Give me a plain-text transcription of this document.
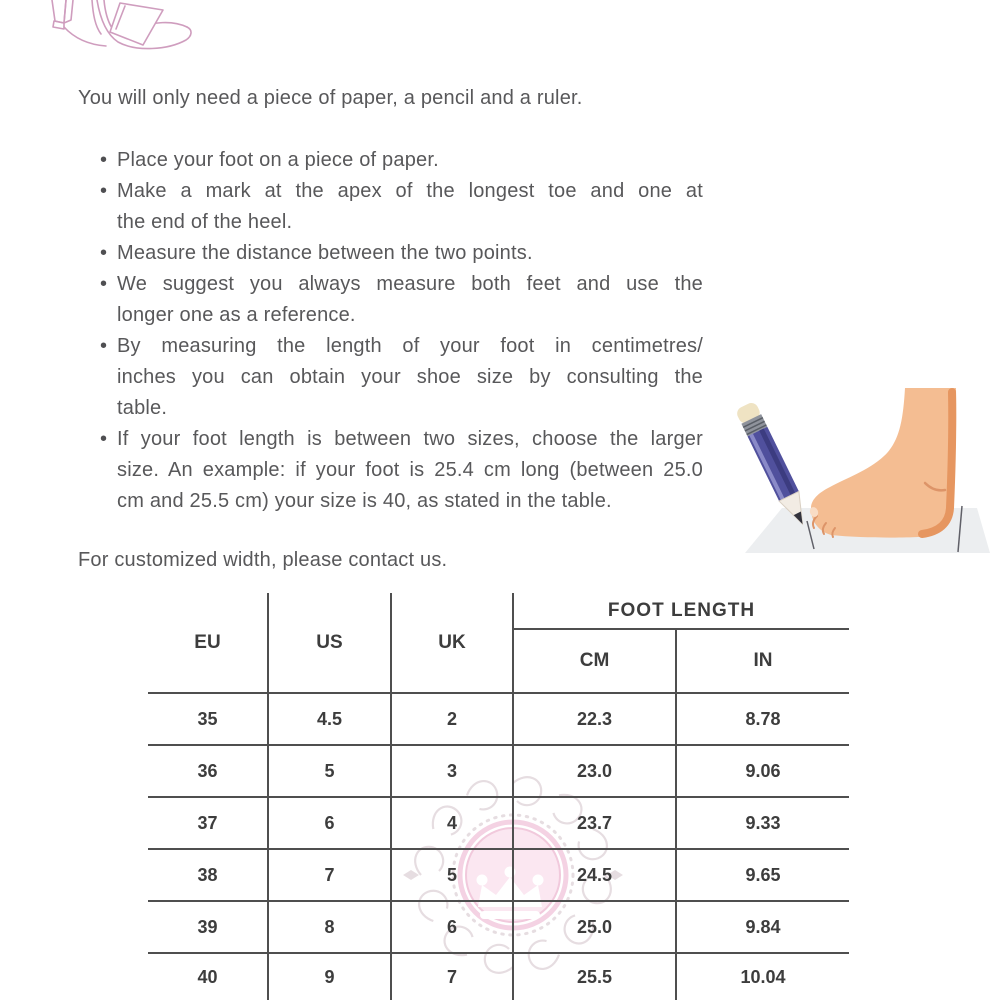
You will only need a piece of paper, a pencil and a ruler.
• Place your foot on a piece of paper.
• Make a mark at the apex of the longest toe and one at
the end of the heel.
• Measure the distance between the two points.
• We suggest you always measure both feet and use the
longer one as a reference.
• By measuring the length of your foot in centimetres/
inches you can obtain your shoe size by consulting the
table.
• If your foot length is between two sizes, choose the larger
size. An example: if your foot is 25.4 cm long (between 25.0
cm and 25.5 cm) your size is 40, as stated in the table.
For customized width, please contact us.
EU	US	UK
FOOT LENGTH
CM	IN
35	4.5	2	22.3	8.78
36	5	3	23.0	9.06
37	6	4	23.7	9.33
38	7	5	24.5	9.65
39	8	6	25.0	9.84
40	9	7	25.5	10.04
